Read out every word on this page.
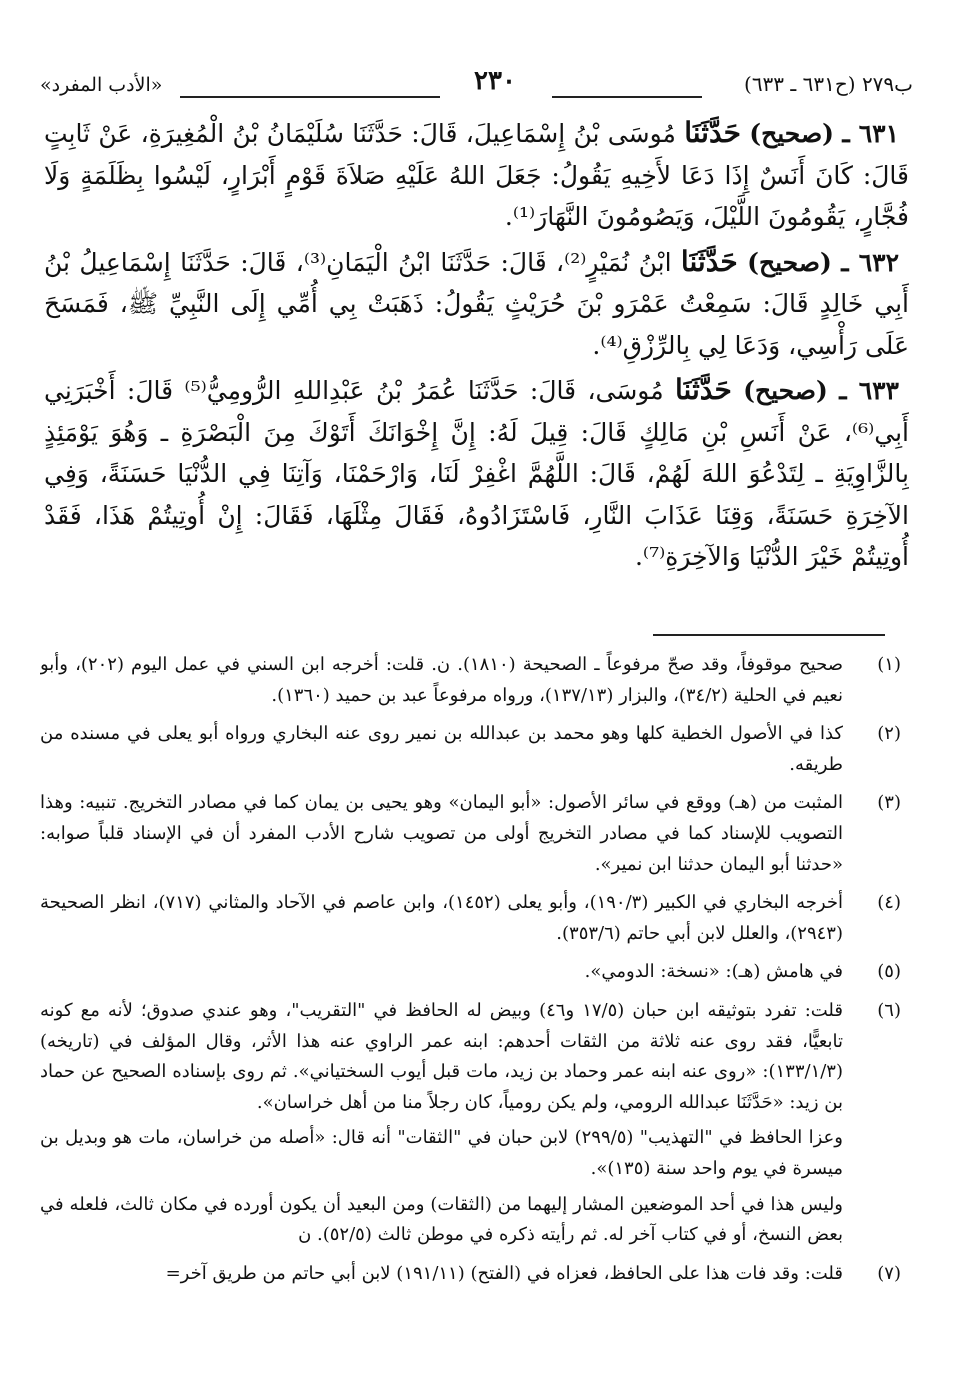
«الأدب المفرد»	٢٣٠	ب٢٧٩ (ح٦٣١ ـ ٦٣٣)

٦٣١ ـ (صحيح) حَدَّثَنَا مُوسَى بْنُ إِسْمَاعِيلَ، قَالَ: حَدَّثَنَا سُلَيْمَانُ بْنُ الْمُغِيرَةِ، عَنْ ثَابِتٍ قَالَ: كَانَ أَنَسٌ إِذَا دَعَا لأَخِيهِ يَقُولُ: جَعَلَ اللهُ عَلَيْهِ صَلاَةَ قَوْمٍ أَبْرَارٍ، لَيْسُوا بِظَلَمَةٍ وَلَا فُجَّارٍ، يَقُومُونَ اللَّيْلَ، وَيَصُومُونَ النَّهَارَ⁽¹⁾.

٦٣٢ ـ (صحيح) حَدَّثَنَا ابْنُ نُمَيْرٍ⁽²⁾، قَالَ: حَدَّثَنَا ابْنُ الْيَمَانِ⁽³⁾، قَالَ: حَدَّثَنَا إِسْمَاعِيلُ بْنُ أَبِي خَالِدٍ قَالَ: سَمِعْتُ عَمْرَو بْنَ حُرَيْثٍ يَقُولُ: ذَهَبَتْ بِي أُمِّي إِلَى النَّبِيِّ ﷺ، فَمَسَحَ عَلَى رَأْسِي، وَدَعَا لِي بِالرِّزْقِ⁽⁴⁾.

٦٣٣ ـ (صحيح) حَدَّثَنَا مُوسَى، قَالَ: حَدَّثَنَا عُمَرُ بْنُ عَبْدِاللهِ الرُّومِيُّ⁽⁵⁾ قَالَ: أَخْبَرَنِي أَبِي⁽⁶⁾، عَنْ أَنَسِ بْنِ مَالِكٍ قَالَ: قِيلَ لَهُ: إِنَّ إِخْوَانَكَ أَتَوْكَ مِنَ الْبَصْرَةِ ـ وَهُوَ يَوْمَئِذٍ بِالزَّاوِيَةِ ـ لِتَدْعُوَ اللهَ لَهُمْ، قَالَ: اللَّهُمَّ اغْفِرْ لَنَا، وَارْحَمْنَا، وَآتِنَا فِي الدُّنْيَا حَسَنَةً، وَفِي الآخِرَةِ حَسَنَةً، وَقِنَا عَذَابَ النَّارِ، فَاسْتَزَادُوهُ، فَقَالَ مِثْلَهَا، فَقَالَ: إِنْ أُوتِيتُمْ هَذَا، فَقَدْ أُوتِيتُمْ خَيْرَ الدُّنْيَا وَالآخِرَةِ⁽⁷⁾.

(١)

صحيح موقوفاً، وقد صحّ مرفوعاً ـ الصحيحة (١٨١٠). ن. قلت: أخرجه ابن السني في عمل اليوم (٢٠٢)، وأبو نعيم في الحلية (٣٤/٢)، والبزار (١٣٧/١٣)، ورواه مرفوعاً عبد بن حميد (١٣٦٠).

(٢)

كذا في الأصول الخطية كلها وهو محمد بن عبدالله بن نمير روى عنه البخاري ورواه أبو يعلى في مسنده من طريقه.

(٣)

المثبت من (هـ) ووقع في سائر الأصول: «أبو اليمان» وهو يحيى بن يمان كما في مصادر التخريج. تنبيه: وهذا التصويب للإسناد كما في مصادر التخريج أولى من تصويب شارح الأدب المفرد أن في الإسناد قلباً صوابه: «حدثنا أبو اليمان حدثنا ابن نمير».

(٤)

أخرجه البخاري في الكبير (١٩٠/٣)، وأبو يعلى (١٤٥٢)، وابن عاصم في الآحاد والمثاني (٧١٧)، انظر الصحيحة (٢٩٤٣)، والعلل لابن أبي حاتم (٣٥٣/٦).

(٥)

في هامش (هـ): «نسخة: الدومي».

(٦)

قلت: تفرد بتوثيقه ابن حبان (١٧/٥ و٤٦) وبيض له الحافظ في "التقريب"، وهو عندي صدوق؛ لأنه مع كونه تابعيًّا، فقد روى عنه ثلاثة من الثقات أحدهم: ابنه عمر الراوي عنه هذا الأثر، وقال المؤلف في (تاريخه) (١٣٣/١/٣): «روى عنه ابنه عمر وحماد بن زيد، مات قبل أيوب السختياني». ثم روى بإسناده الصحيح عن حماد بن زيد: «حَدَّثَنَا عبدالله الرومي، ولم يكن رومياً، كان رجلاً منا من أهل خراسان».

وعزا الحافظ في "التهذيب" (٢٩٩/٥) لابن حبان في "الثقات" أنه قال: «أصله من خراسان، مات هو وبديل بن ميسرة في يوم واحد سنة (١٣٥)».

وليس هذا في أحد الموضعين المشار إليهما من (الثقات) ومن البعيد أن يكون أورده في مكان ثالث، فلعله في بعض النسخ، أو في كتاب آخر له. ثم رأيته ذكره في موطن ثالث (٥٢/٥). ن

(٧)

قلت: وقد فات هذا على الحافظ، فعزاه في (الفتح) (١٩١/١١) لابن أبي حاتم من طريق آخر=
